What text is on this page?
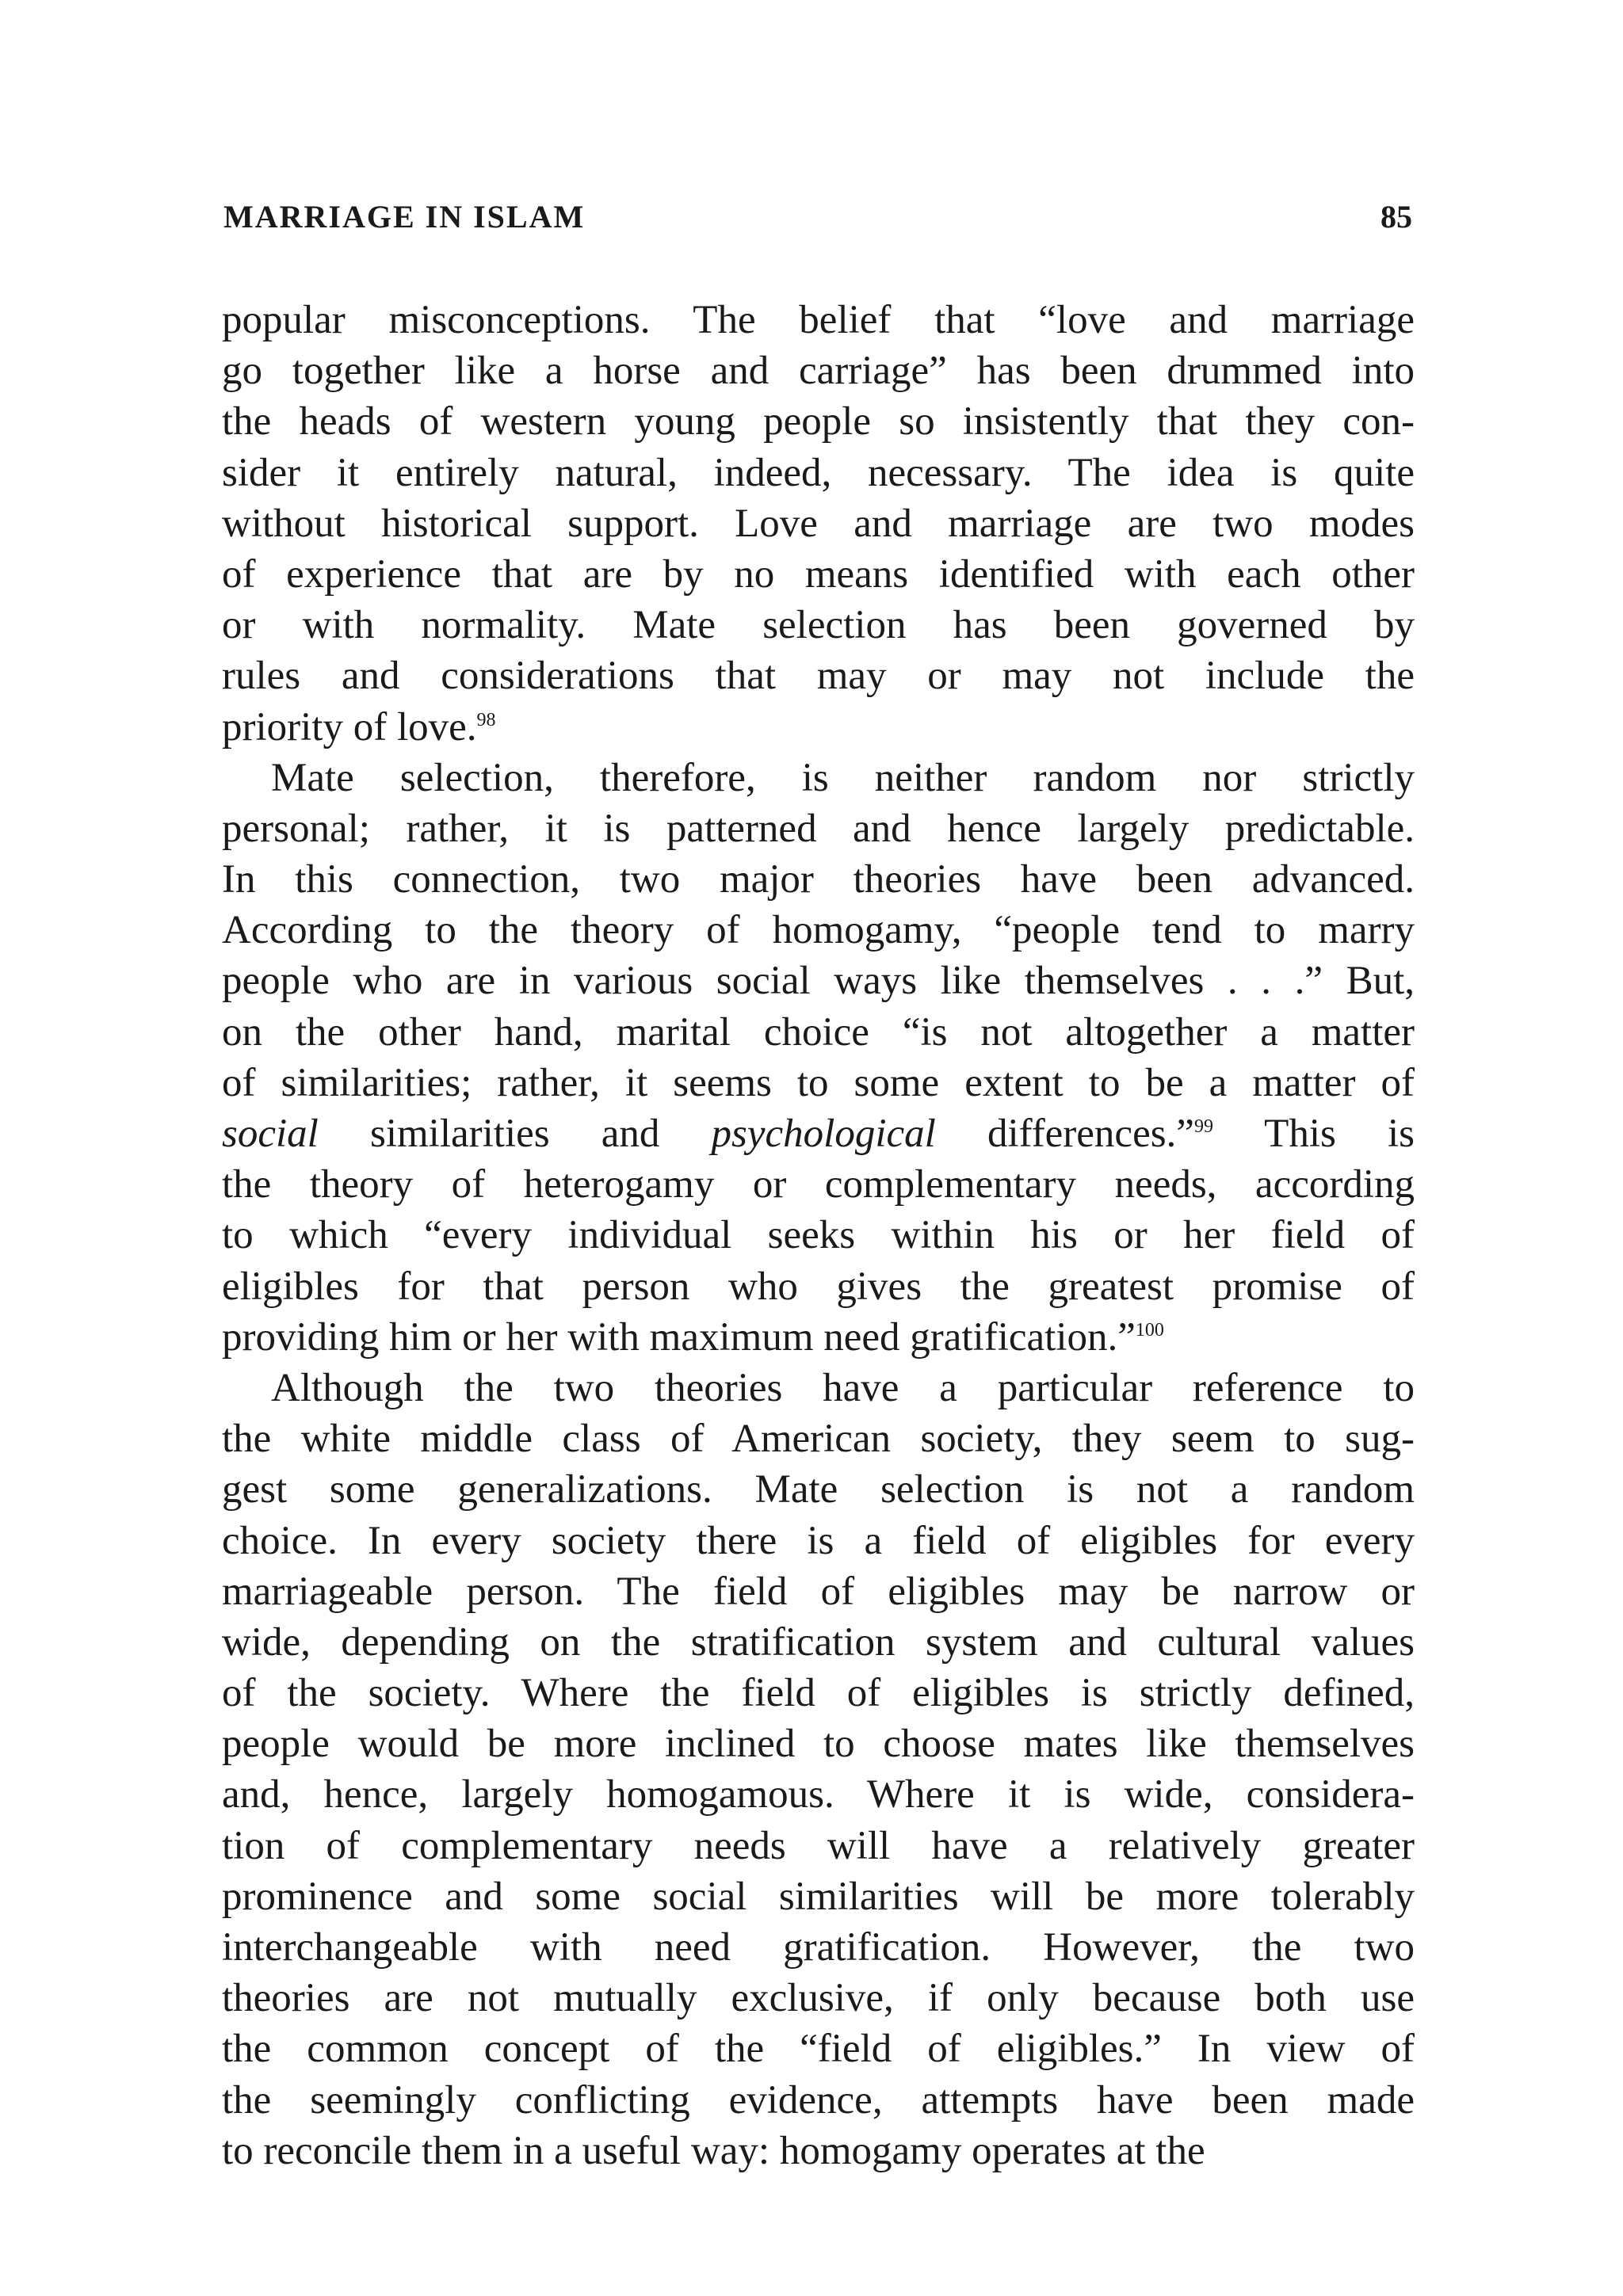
MARRIAGE IN ISLAM	85
popular misconceptions. The belief that “love and marriage
go together like a horse and carriage” has been drummed into
the heads of western young people so insistently that they con-
sider it entirely natural, indeed, necessary. The idea is quite
without historical support. Love and marriage are two modes
of experience that are by no means identified with each other
or with normality. Mate selection has been governed by
rules and considerations that may or may not include the
priority of love.$^{98}$
Mate selection, therefore, is neither random nor strictly
personal; rather, it is patterned and hence largely predictable.
In this connection, two major theories have been advanced.
According to the theory of homogamy, “people tend to marry
people who are in various social ways like themselves . . .” But,
on the other hand, marital choice “is not altogether a matter
of similarities; rather, it seems to some extent to be a matter of
social similarities and psychological differences.”$^{99}$ This is
the theory of heterogamy or complementary needs, according
to which “every individual seeks within his or her field of
eligibles for that person who gives the greatest promise of
providing him or her with maximum need gratification.”$^{100}$
Although the two theories have a particular reference to
the white middle class of American society, they seem to sug-
gest some generalizations. Mate selection is not a random
choice. In every society there is a field of eligibles for every
marriageable person. The field of eligibles may be narrow or
wide, depending on the stratification system and cultural values
of the society. Where the field of eligibles is strictly defined,
people would be more inclined to choose mates like themselves
and, hence, largely homogamous. Where it is wide, considera-
tion of complementary needs will have a relatively greater
prominence and some social similarities will be more tolerably
interchangeable with need gratification. However, the two
theories are not mutually exclusive, if only because both use
the common concept of the “field of eligibles.” In view of
the seemingly conflicting evidence, attempts have been made
to reconcile them in a useful way: homogamy operates at the
